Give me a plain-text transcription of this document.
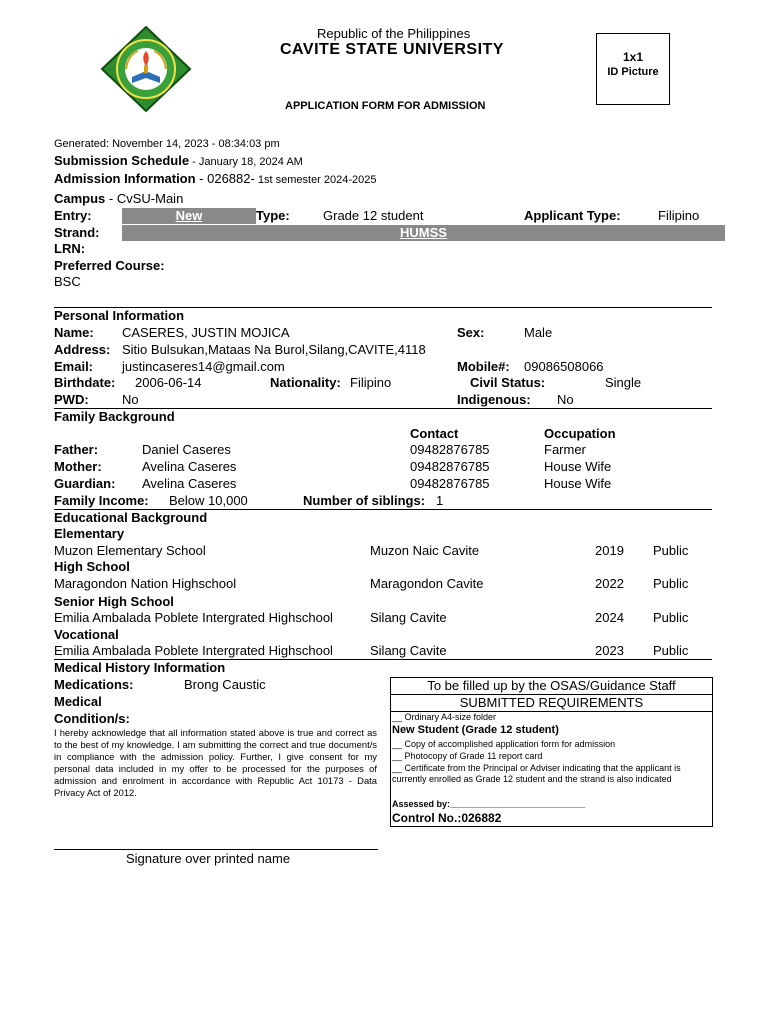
Republic of the Philippines
CAVITE STATE UNIVERSITY
APPLICATION FORM FOR ADMISSION
1x1
ID Picture
Generated: November 14, 2023 - 08:34:03 pm
Submission Schedule - January 18, 2024 AM
Admission Information - 026882- 1st semester 2024-2025
Campus - CvSU-Main
Entry:	New	Type:	Grade 12 student	Applicant Type:	Filipino
Strand:	HUMSS
LRN:
Preferred Course:
BSC
Personal Information
Name: CASERES, JUSTIN MOJICA	Sex:	Male
Address: Sitio Bulsukan,Mataas Na Burol,Silang,CAVITE,4118
Email: justincaseres14@gmail.com	Mobile#: 09086508066
Birthdate: 2006-06-14	Nationality: Filipino	Civil Status:	Single
PWD:	No	Indigenous: No
Family Background
Contact	Occupation
Father:	Daniel Caseres	09482876785	Farmer
Mother:	Avelina Caseres	09482876785	House Wife
Guardian: Avelina Caseres	09482876785	House Wife
Family Income: Below 10,000	Number of siblings: 1
Educational Background
Elementary
Muzon Elementary School	Muzon Naic Cavite	2019 Public
High School
Maragondon Nation Highschool	Maragondon Cavite	2022 Public
Senior High School
Emilia Ambalada Poblete Intergrated Highschool	Silang Cavite	2024 Public
Vocational
Emilia Ambalada Poblete Intergrated Highschool	Silang Cavite	2023 Public
Medical History Information
Medications:	Brong Caustic
Medical
Condition/s:
I hereby acknowledge that all information stated above is true and correct as to the best of my knowledge. I am submitting the correct and true document/s in compliance with the admission policy. Further, I give consent for my personal data included in my offer to be processed for the purposes of admission and enrolment in accordance with Republic Act 10173 - Data Privacy Act of 2012.
To be filled up by the OSAS/Guidance Staff
SUBMITTED REQUIREMENTS
__ Ordinary A4-size folder
New Student (Grade 12 student)
__ Copy of accomplished application form for admission
__ Photocopy of Grade 11 report card
__ Certificate from the Principal or Adviser indicating that the applicant is currently enrolled as Grade 12 student and the strand is also indicated
Assessed by:___________________________
Control No.:026882
Signature over printed name
